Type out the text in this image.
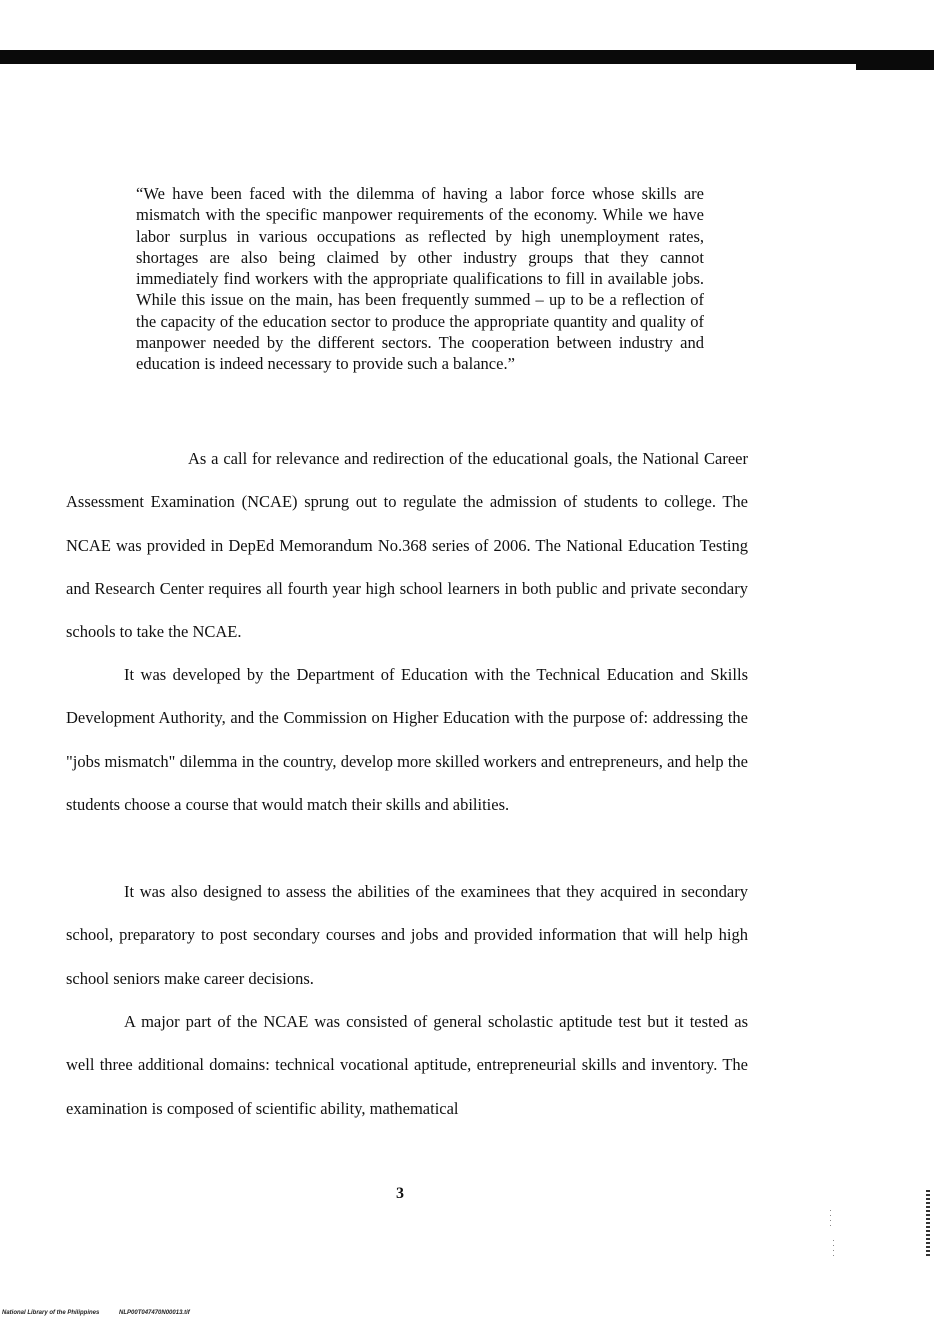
“We have been faced with the dilemma of having a labor force whose skills are mismatch with the specific manpower requirements of the economy. While we have labor surplus in various occupations as reflected by high unemployment rates, shortages are also being claimed by other industry groups that they cannot immediately find workers with the appropriate qualifications to fill in available jobs. While this issue on the main, has been frequently summed – up to be a reflection of the capacity of the education sector to produce the appropriate quantity and quality of manpower needed by the different sectors. The cooperation between industry and education is indeed necessary to provide such a balance.”

As a call for relevance and redirection of the educational goals, the National Career Assessment Examination (NCAE) sprung out to regulate the admission of students to college. The NCAE was provided in DepEd Memorandum No.368 series of 2006. The National Education Testing and Research Center requires all fourth year high school learners in both public and private secondary schools to take the NCAE.

It was developed by the Department of Education with the Technical Education and Skills Development Authority, and the Commission on Higher Education with the purpose of: addressing the "jobs mismatch" dilemma in the country, develop more skilled workers and entrepreneurs, and help the students choose a course that would match their skills and abilities.

It was also designed to assess the abilities of the examinees that they acquired in secondary school, preparatory to post secondary courses and jobs and provided information that will help high school seniors make career decisions.

A major part of the NCAE was consisted of general scholastic aptitude test but it tested as well three additional domains: technical vocational aptitude, entrepreneurial skills and inventory. The examination is composed of scientific ability, mathematical

3
National Library of the Philippines	NLP00T047470N00013.tif
